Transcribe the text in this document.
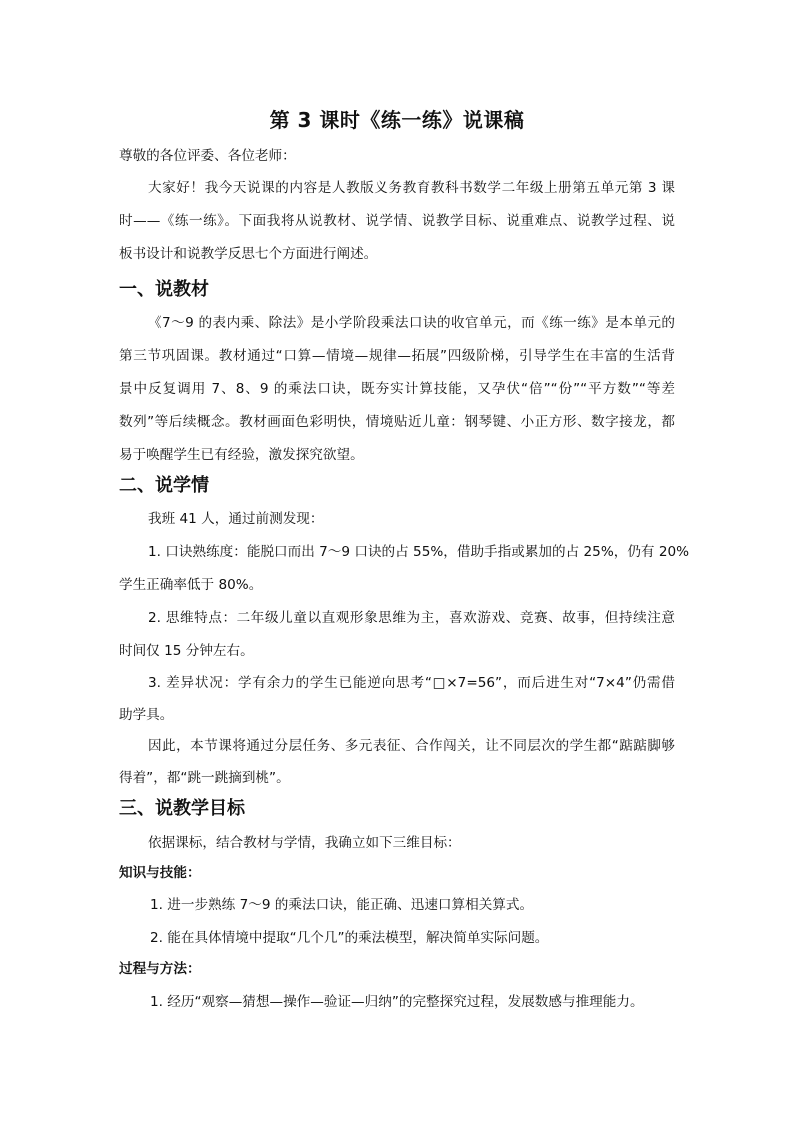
第 3 课时《练一练》说课稿
尊敬的各位评委、各位老师：
大家好！我今天说课的内容是人教版义务教育教科书数学二年级上册第五单元第 3 课
时——《练一练》。下面我将从说教材、说学情、说教学目标、说重难点、说教学过程、说
板书设计和说教学反思七个方面进行阐述。
一、说教材
《7～9 的表内乘、除法》是小学阶段乘法口诀的收官单元，而《练一练》是本单元的
第三节巩固课。教材通过“口算—情境—规律—拓展”四级阶梯，引导学生在丰富的生活背
景中反复调用 7、8、9 的乘法口诀，既夯实计算技能，又孕伏“倍”“份”“平方数”“等差
数列”等后续概念。教材画面色彩明快，情境贴近儿童：钢琴键、小正方形、数字接龙，都
易于唤醒学生已有经验，激发探究欲望。
二、说学情
我班 41 人，通过前测发现：
1. 口诀熟练度：能脱口而出 7～9 口诀的占 55%，借助手指或累加的占 25%，仍有 20%
学生正确率低于 80%。
2. 思维特点：二年级儿童以直观形象思维为主，喜欢游戏、竞赛、故事，但持续注意
时间仅 15 分钟左右。
3. 差异状况：学有余力的学生已能逆向思考“□×7=56”，而后进生对“7×4”仍需借
助学具。
因此，本节课将通过分层任务、多元表征、合作闯关，让不同层次的学生都“踮踮脚够
得着”，都“跳一跳摘到桃”。
三、说教学目标
依据课标，结合教材与学情，我确立如下三维目标：
知识与技能：
1. 进一步熟练 7～9 的乘法口诀，能正确、迅速口算相关算式。
2. 能在具体情境中提取“几个几”的乘法模型，解决简单实际问题。
过程与方法：
1. 经历“观察—猜想—操作—验证—归纳”的完整探究过程，发展数感与推理能力。
